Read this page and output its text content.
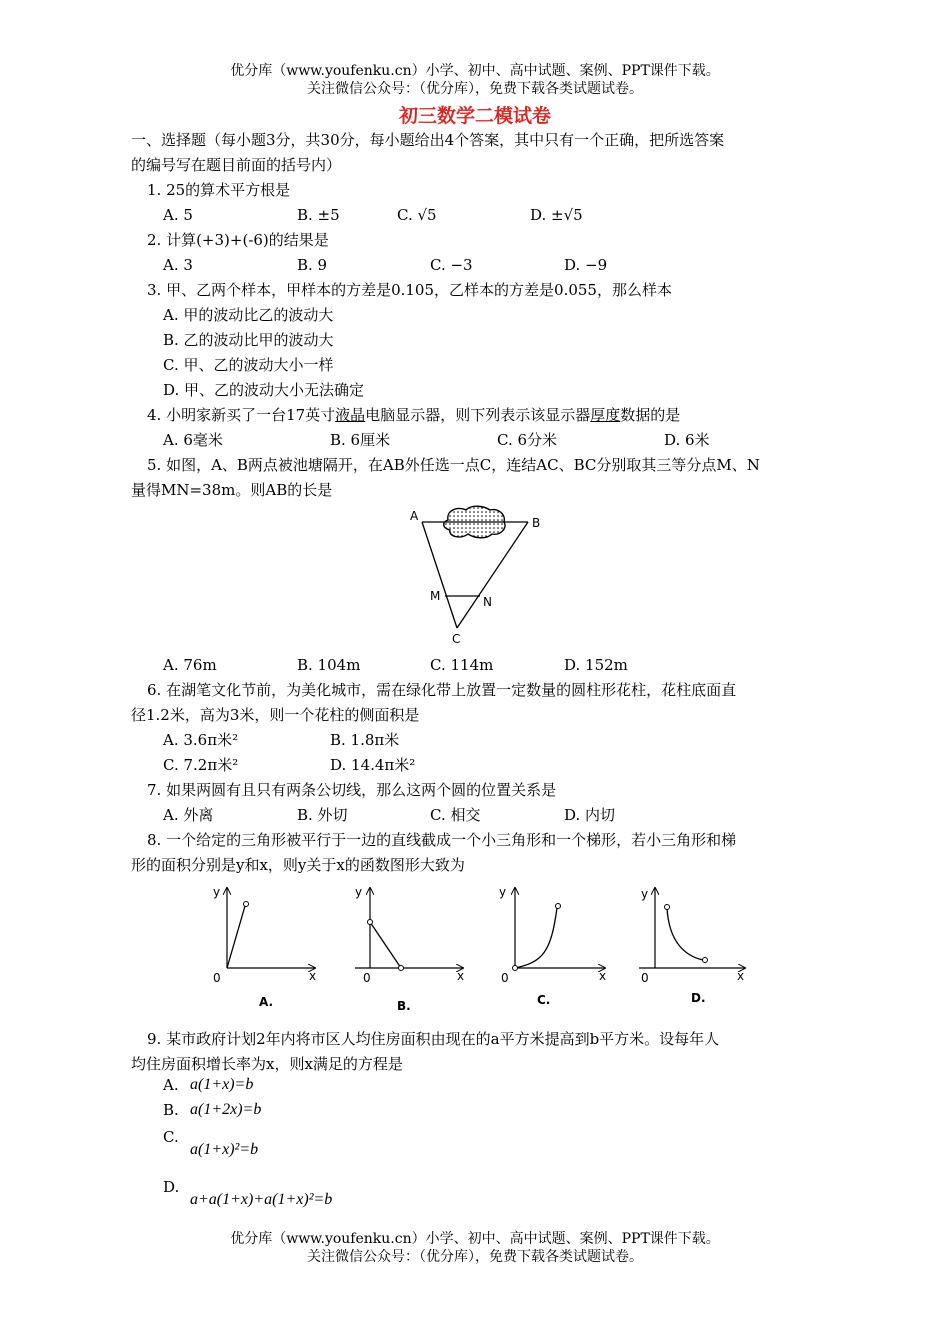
优分库（www.youfenku.cn）小学、初中、高中试题、案例、PPT课件下载。
关注微信公众号：（优分库），免费下载各类试题试卷。
初三数学二模试卷
一、选择题（每小题3分，共30分，每小题给出4个答案，其中只有一个正确，把所选答案
的编号写在题目前面的括号内）
1. 25的算术平方根是
A. 5	B. ±5	C. √5	D. ±√5
2. 计算(+3)+(-6)的结果是
A. 3	B. 9	C. −3	D. −9
3. 甲、乙两个样本，甲样本的方差是0.105，乙样本的方差是0.055，那么样本
A. 甲的波动比乙的波动大
B. 乙的波动比甲的波动大
C. 甲、乙的波动大小一样
D. 甲、乙的波动大小无法确定
4. 小明家新买了一台17英寸液晶电脑显示器，则下列表示该显示器厚度数据的是
A. 6毫米	B. 6厘米	C. 6分米	D. 6米
5. 如图，A、B两点被池塘隔开，在AB外任选一点C，连结AC、BC分别取其三等分点M、N
量得MN=38m。则AB的长是
A	B
M	N
C
A. 76m	B. 104m	C. 114m	D. 152m
6. 在湖笔文化节前，为美化城市，需在绿化带上放置一定数量的圆柱形花柱，花柱底面直
径1.2米，高为3米，则一个花柱的侧面积是
A. 3.6π米²	B. 1.8π米
C. 7.2π米²	D. 14.4π米²
7. 如果两圆有且只有两条公切线，那么这两个圆的位置关系是
A. 外离	B. 外切	C. 相交	D. 内切
8. 一个给定的三角形被平行于一边的直线截成一个小三角形和一个梯形，若小三角形和梯
形的面积分别是y和x，则y关于x的函数图形大致为
y
x
0
A.
y
x
0
B.
y
x
0
C.
y
x
0
D.
9. 某市政府计划2年内将市区人均住房面积由现在的a平方米提高到b平方米。设每年人
均住房面积增长率为x，则x满足的方程是
A. a(1+x)=b
B. a(1+2x)=b
C.
a(1+x)²=b
D.
a+a(1+x)+a(1+x)²=b
优分库（www.youfenku.cn）小学、初中、高中试题、案例、PPT课件下载。
关注微信公众号：（优分库），免费下载各类试题试卷。
